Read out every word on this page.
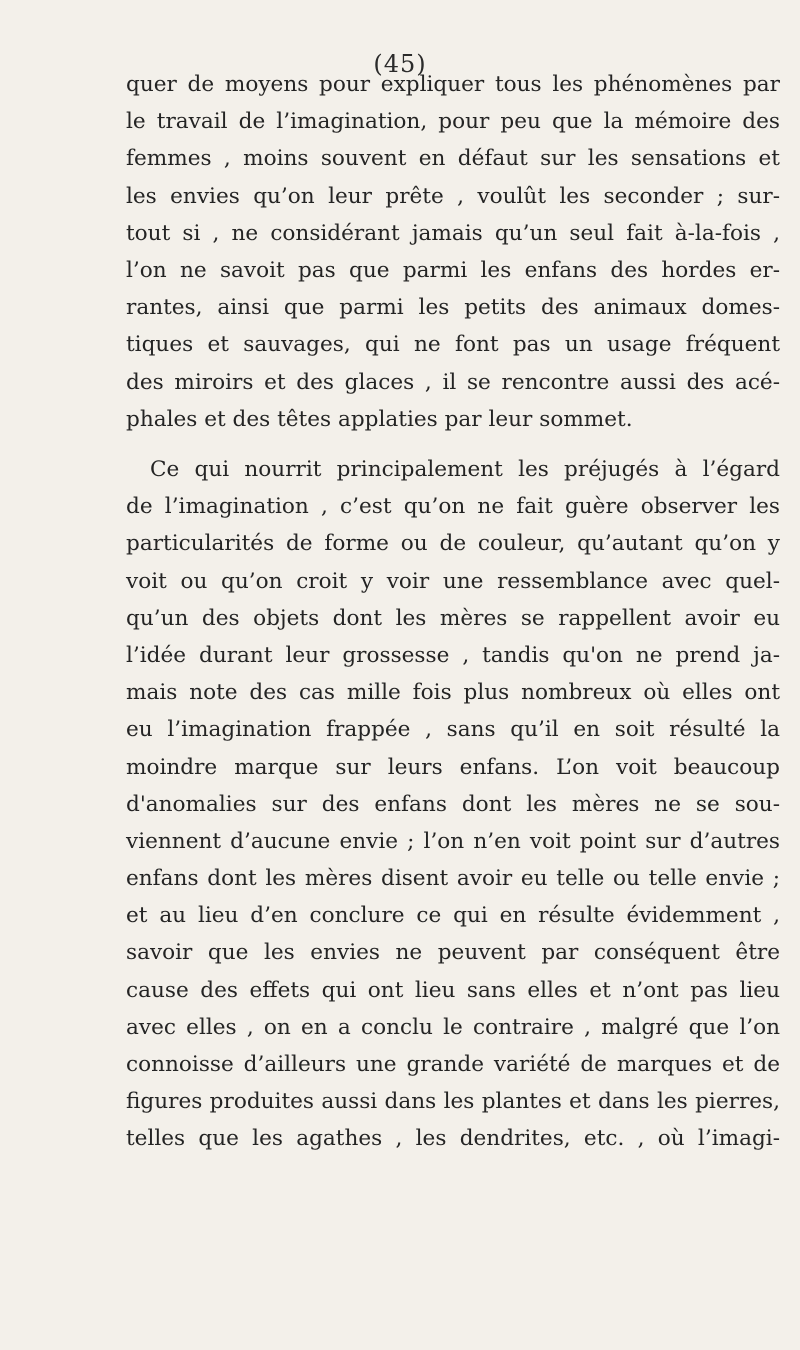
(45)
quer de moyens pour expliquer tous les phénomènes par
le travail de l’imagination, pour peu que la mémoire des
femmes , moins souvent en défaut sur les sensations et
les envies qu’on leur prête , voulût les seconder ; sur-
tout si , ne considérant jamais qu’un seul fait à-la-fois ,
l’on ne savoit pas que parmi les enfans des hordes er-
rantes, ainsi que parmi les petits des animaux domes-
tiques et sauvages, qui ne font pas un usage fréquent
des miroirs et des glaces , il se rencontre aussi des acé-
phales et des têtes applaties par leur sommet.
Ce qui nourrit principalement les préjugés à l’égard
de l’imagination , c’est qu’on ne fait guère observer les
particularités de forme ou de couleur, qu’autant qu’on y
voit ou qu’on croit y voir une ressemblance avec quel-
qu’un des objets dont les mères se rappellent avoir eu
l’idée durant leur grossesse , tandis qu'on ne prend ja-
mais note des cas mille fois plus nombreux où elles ont
eu l’imagination frappée , sans qu’il en soit résulté la
moindre marque sur leurs enfans. L’on voit beaucoup
d'anomalies sur des enfans dont les mères ne se sou-
viennent d’aucune envie ; l’on n’en voit point sur d’autres
enfans dont les mères disent avoir eu telle ou telle envie ;
et au lieu d’en conclure ce qui en résulte évidemment ,
savoir que les envies ne peuvent par conséquent être
cause des effets qui ont lieu sans elles et n’ont pas lieu
avec elles , on en a conclu le contraire , malgré que l’on
connoisse d’ailleurs une grande variété de marques et de
figures produites aussi dans les plantes et dans les pierres,
telles que les agathes , les dendrites, etc. , où l’imagi-
